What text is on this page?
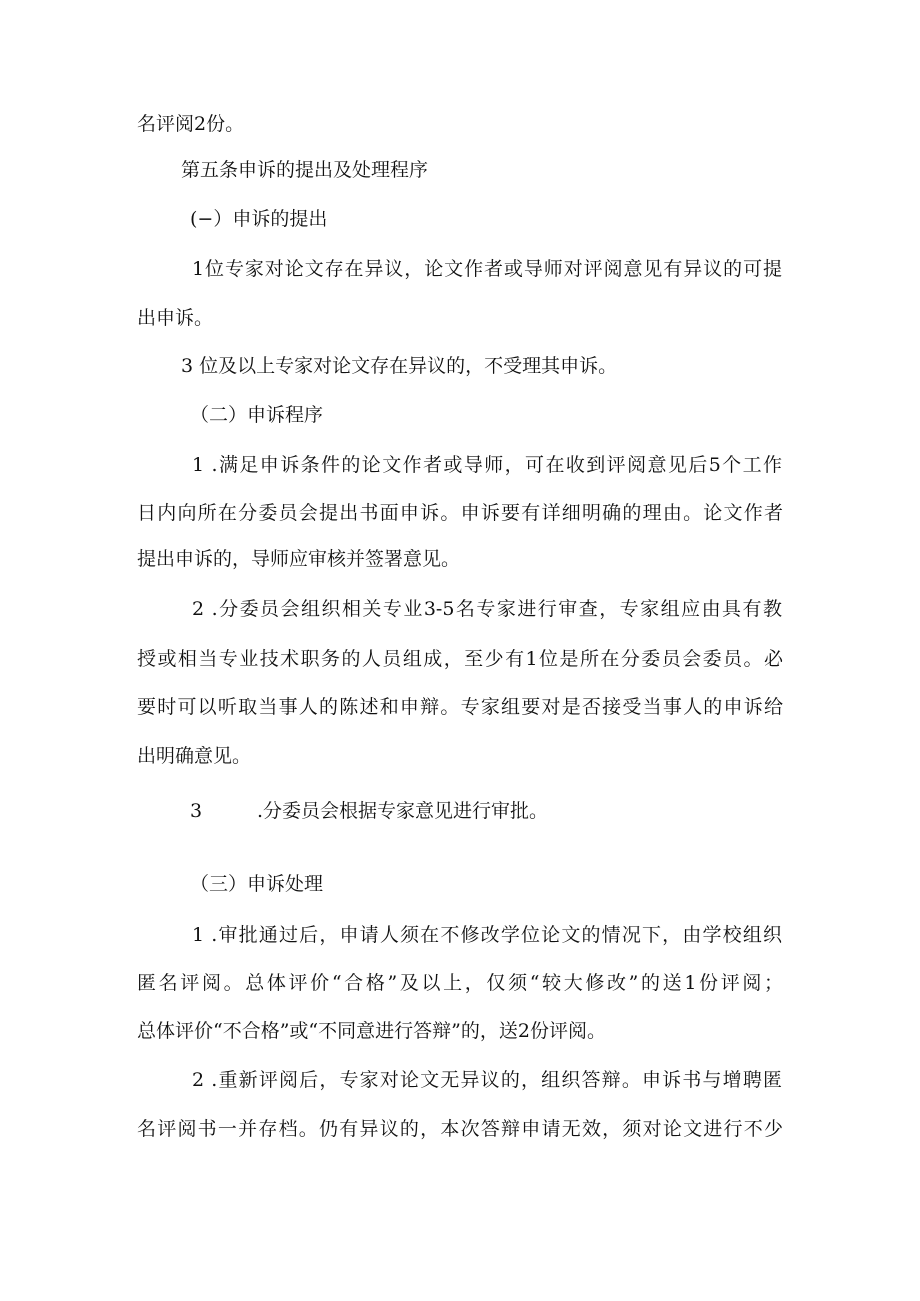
名评阅2份。

第五条申诉的提出及处理程序

(−）申诉的提出

1位专家对论文存在异议，论文作者或导师对评阅意见有异议的可提

出申诉。

3 位及以上专家对论文存在异议的，不受理其申诉。

（二）申诉程序

1 .满足申诉条件的论文作者或导师，可在收到评阅意见后5个工作

日内向所在分委员会提出书面申诉。申诉要有详细明确的理由。论文作者

提出申诉的，导师应审核并签署意见。

2 .分委员会组织相关专业3-5名专家进行审查，专家组应由具有教

授或相当专业技术职务的人员组成，至少有1位是所在分委员会委员。必

要时可以听取当事人的陈述和申辩。专家组要对是否接受当事人的申诉给

出明确意见。

3	.分委员会根据专家意见进行审批。

（三）申诉处理

1 .审批通过后，申请人须在不修改学位论文的情况下，由学校组织

匿名评阅。总体评价“合格”及以上，仅须“较大修改”的送1份评阅；

总体评价“不合格”或“不同意进行答辩”的，送2份评阅。

2 .重新评阅后，专家对论文无异议的，组织答辩。申诉书与增聘匿

名评阅书一并存档。仍有异议的，本次答辩申请无效，须对论文进行不少
